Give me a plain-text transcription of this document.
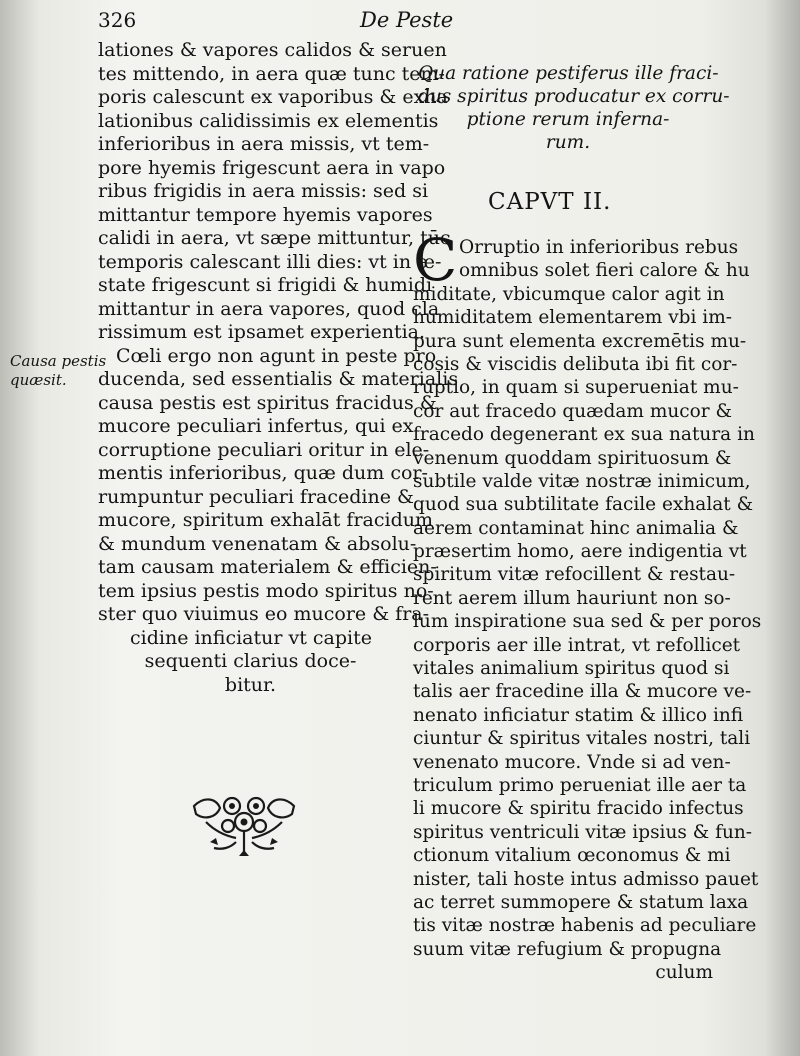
326	De Peste
Causa pestis
quæsit.
lationes & vapores calidos & seruen
tes mittendo, in aera quæ tunc tem-
poris calescunt ex vaporibus & exha
lationibus calidissimis ex elementis
inferioribus in aera missis, vt tem-
pore hyemis frigescunt aera in vapo
ribus frigidis in aera missis: sed si
mittantur tempore hyemis vapores
calidi in aera, vt sæpe mittuntur, tūc
temporis calescant illi dies: vt in æ-
state frigescunt si frigidi & humidi
mittantur in aera vapores, quod cla
rissimum est ipsamet experientia.
Cœli ergo non agunt in peste pro
ducenda, sed essentialis & materialis
causa pestis est spiritus fracidus &
mucore peculiari infertus, qui ex
corruptione peculiari oritur in ele-
mentis inferioribus, quæ dum cor-
rumpuntur peculiari fracedine &
mucore, spiritum exhalāt fracidum
& mundum venenatam & absolu-
tam causam materialem & efficien-
tem ipsius pestis modo spiritus no-
ster quo viuimus eo mucore & fra-
cidine inficiatur vt capite
sequenti clarius doce-
bitur.
Qua ratione pestiferus ille fraci-
dus spiritus producatur ex corru-
ptione rerum inferna-
rum.
CAPVT II.
C Orruptio in inferioribus rebus
omnibus solet fieri calore & hu
miditate, vbicumque calor agit in
humiditatem elementarem vbi im-
pura sunt elementa excremētis mu-
cosis & viscidis delibuta ibi fit cor-
ruptio, in quam si superueniat mu-
cor aut fracedo quædam mucor &
fracedo degenerant ex sua natura in
venenum quoddam spirituosum &
subtile valde vitæ nostræ inimicum,
quod sua subtilitate facile exhalat &
aerem contaminat hinc animalia &
præsertim homo, aere indigentia vt
spiritum vitæ refocillent & restau-
rent aerem illum hauriunt non so-
lum inspiratione sua sed & per poros
corporis aer ille intrat, vt refollicet
vitales animalium spiritus quod si
talis aer fracedine illa & mucore ve-
nenato inficiatur statim & illico infi
ciuntur & spiritus vitales nostri, tali
venenato mucore. Vnde si ad ven-
triculum primo perueniat ille aer ta
li mucore & spiritu fracido infectus
spiritus ventriculi vitæ ipsius & fun-
ctionum vitalium œconomus & mi
nister, tali hoste intus admisso pauet
ac terret summopere & statum laxa
tis vitæ nostræ habenis ad peculiare
suum vitæ refugium & propugna
culum
